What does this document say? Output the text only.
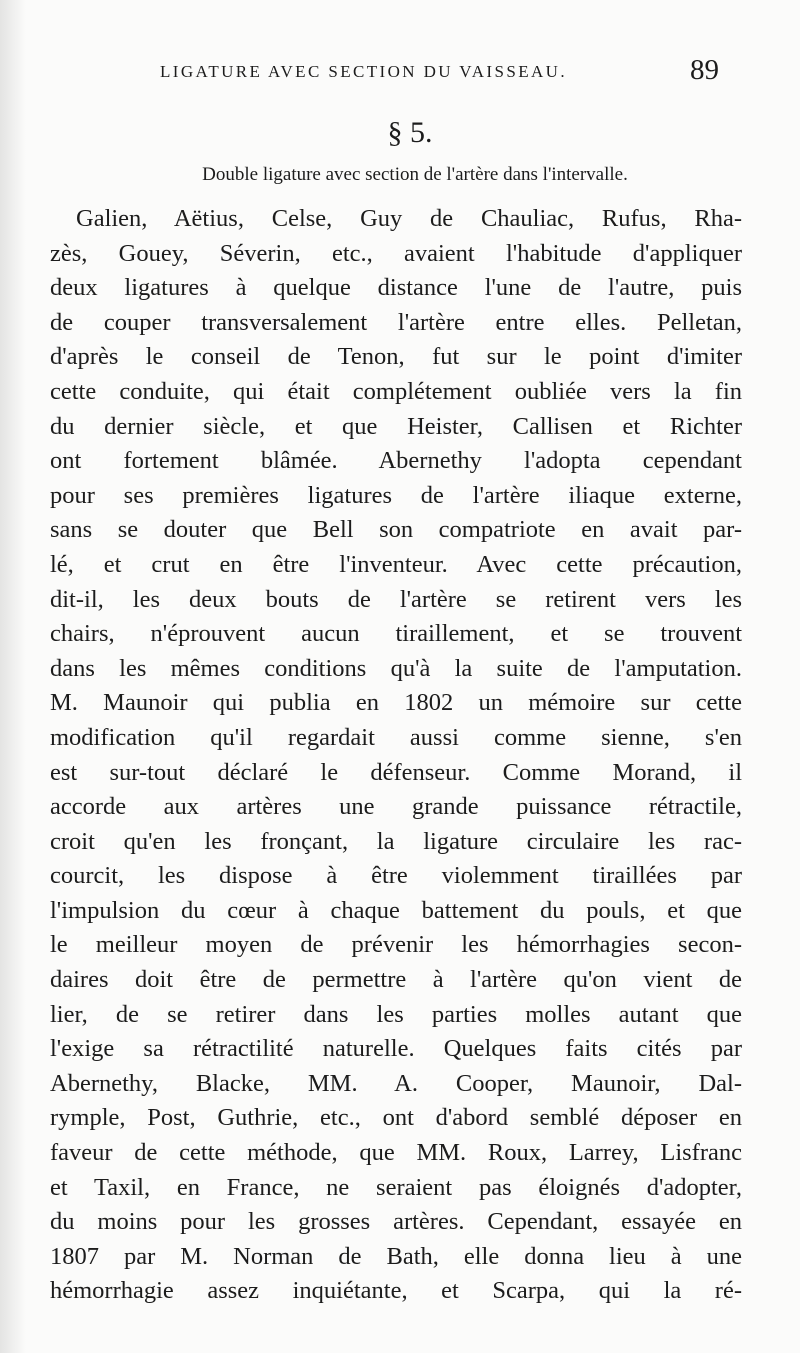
LIGATURE AVEC SECTION DU VAISSEAU.	89
§ 5.
Double ligature avec section de l'artère dans l'intervalle.
Galien, Aëtius, Celse, Guy de Chauliac, Rufus, Rha-
zès, Gouey, Séverin, etc., avaient l'habitude d'appliquer
deux ligatures à quelque distance l'une de l'autre, puis
de couper transversalement l'artère entre elles. Pelletan,
d'après le conseil de Tenon, fut sur le point d'imiter
cette conduite, qui était complétement oubliée vers la fin
du dernier siècle, et que Heister, Callisen et Richter
ont fortement blâmée. Abernethy l'adopta cependant
pour ses premières ligatures de l'artère iliaque externe,
sans se douter que Bell son compatriote en avait par-
lé, et crut en être l'inventeur. Avec cette précaution,
dit-il, les deux bouts de l'artère se retirent vers les
chairs, n'éprouvent aucun tiraillement, et se trouvent
dans les mêmes conditions qu'à la suite de l'amputation.
M. Maunoir qui publia en 1802 un mémoire sur cette
modification qu'il regardait aussi comme sienne, s'en
est sur-tout déclaré le défenseur. Comme Morand, il
accorde aux artères une grande puissance rétractile,
croit qu'en les fronçant, la ligature circulaire les rac-
courcit, les dispose à être violemment tiraillées par
l'impulsion du cœur à chaque battement du pouls, et que
le meilleur moyen de prévenir les hémorrhagies secon-
daires doit être de permettre à l'artère qu'on vient de
lier, de se retirer dans les parties molles autant que
l'exige sa rétractilité naturelle. Quelques faits cités par
Abernethy, Blacke, MM. A. Cooper, Maunoir, Dal-
rymple, Post, Guthrie, etc., ont d'abord semblé déposer en
faveur de cette méthode, que MM. Roux, Larrey, Lisfranc
et Taxil, en France, ne seraient pas éloignés d'adopter,
du moins pour les grosses artères. Cependant, essayée en
1807 par M. Norman de Bath, elle donna lieu à une
hémorrhagie assez inquiétante, et Scarpa, qui la ré-
